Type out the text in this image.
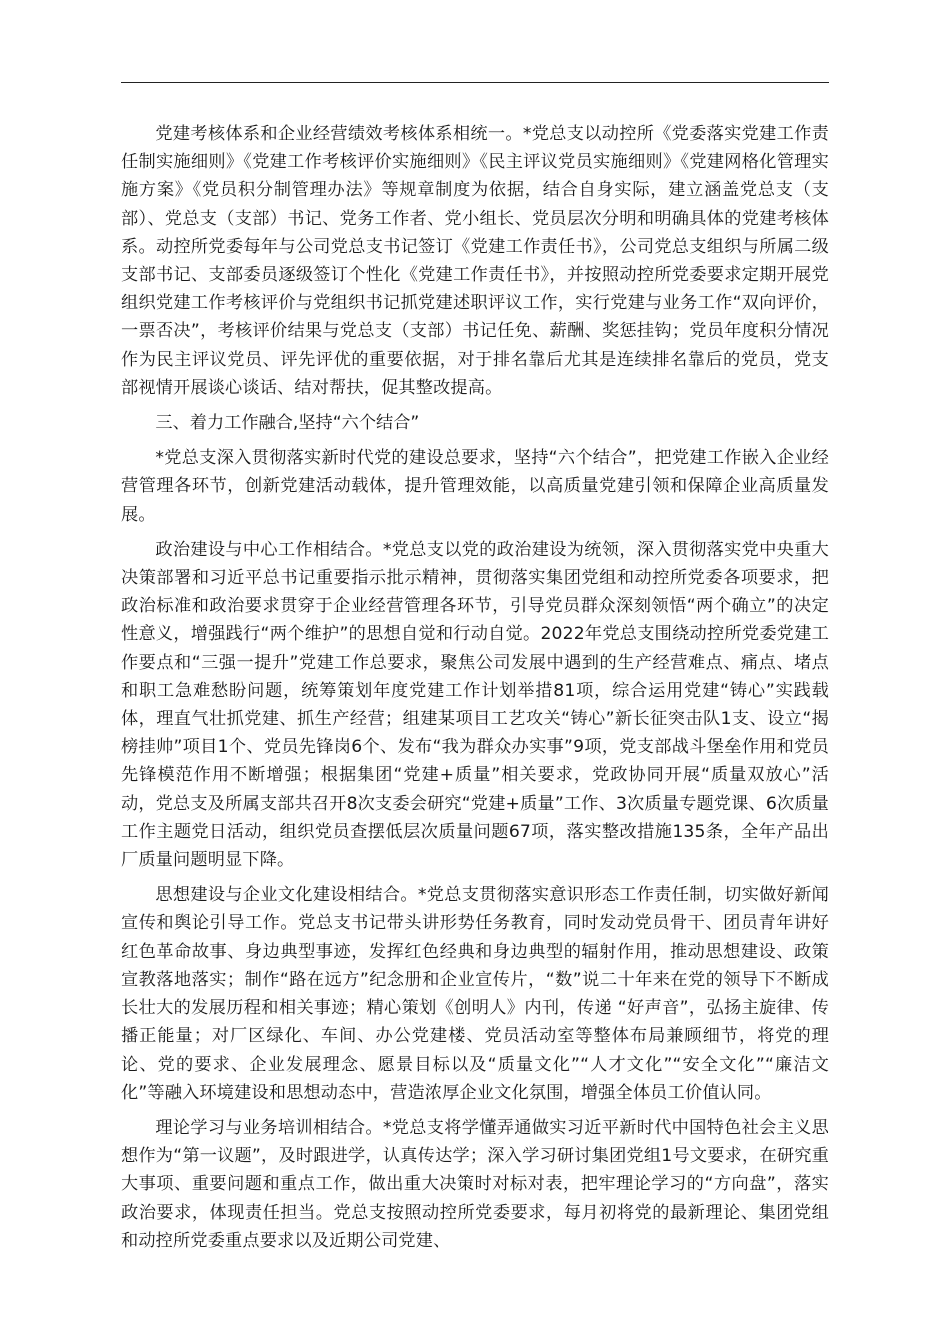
党建考核体系和企业经营绩效考核体系相统一。*党总支以动控所《党委落实党建工作责任制实施细则》《党建工作考核评价实施细则》《民主评议党员实施细则》《党建网格化管理实施方案》《党员积分制管理办法》等规章制度为依据，结合自身实际，建立涵盖党总支（支部）、党总支（支部）书记、党务工作者、党小组长、党员层次分明和明确具体的党建考核体系。动控所党委每年与公司党总支书记签订《党建工作责任书》，公司党总支组织与所属二级支部书记、支部委员逐级签订个性化《党建工作责任书》，并按照动控所党委要求定期开展党组织党建工作考核评价与党组织书记抓党建述职评议工作，实行党建与业务工作“双向评价，一票否决”，考核评价结果与党总支（支部）书记任免、薪酬、奖惩挂钩；党员年度积分情况作为民主评议党员、评先评优的重要依据，对于排名靠后尤其是连续排名靠后的党员，党支部视情开展谈心谈话、结对帮扶，促其整改提高。

三、着力工作融合,坚持“六个结合”

*党总支深入贯彻落实新时代党的建设总要求，坚持“六个结合”，把党建工作嵌入企业经营管理各环节，创新党建活动载体，提升管理效能，以高质量党建引领和保障企业高质量发展。

政治建设与中心工作相结合。*党总支以党的政治建设为统领，深入贯彻落实党中央重大决策部署和习近平总书记重要指示批示精神，贯彻落实集团党组和动控所党委各项要求，把政治标准和政治要求贯穿于企业经营管理各环节，引导党员群众深刻领悟“两个确立”的决定性意义，增强践行“两个维护”的思想自觉和行动自觉。2022年党总支围绕动控所党委党建工作要点和“三强一提升”党建工作总要求，聚焦公司发展中遇到的生产经营难点、痛点、堵点和职工急难愁盼问题，统筹策划年度党建工作计划举措81项，综合运用党建“铸心”实践载体，理直气壮抓党建、抓生产经营；组建某项目工艺攻关“铸心”新长征突击队1支、设立“揭榜挂帅”项目1个、党员先锋岗6个、发布“我为群众办实事”9项，党支部战斗堡垒作用和党员先锋模范作用不断增强；根据集团“党建+质量”相关要求，党政协同开展“质量双放心”活动，党总支及所属支部共召开8次支委会研究“党建+质量”工作、3次质量专题党课、6次质量工作主题党日活动，组织党员查摆低层次质量问题67项，落实整改措施135条，全年产品出厂质量问题明显下降。

思想建设与企业文化建设相结合。*党总支贯彻落实意识形态工作责任制，切实做好新闻宣传和舆论引导工作。党总支书记带头讲形势任务教育，同时发动党员骨干、团员青年讲好红色革命故事、身边典型事迹，发挥红色经典和身边典型的辐射作用，推动思想建设、政策宣教落地落实；制作“路在远方”纪念册和企业宣传片，“数”说二十年来在党的领导下不断成长壮大的发展历程和相关事迹；精心策划《创明人》内刊，传递 “好声音”，弘扬主旋律、传播正能量；对厂区绿化、车间、办公党建楼、党员活动室等整体布局兼顾细节，将党的理论、党的要求、企业发展理念、愿景目标以及“质量文化”“人才文化”“安全文化”“廉洁文化”等融入环境建设和思想动态中，营造浓厚企业文化氛围，增强全体员工价值认同。

理论学习与业务培训相结合。*党总支将学懂弄通做实习近平新时代中国特色社会主义思想作为“第一议题”，及时跟进学，认真传达学；深入学习研讨集团党组1号文要求，在研究重大事项、重要问题和重点工作，做出重大决策时对标对表，把牢理论学习的“方向盘”，落实政治要求，体现责任担当。党总支按照动控所党委要求，每月初将党的最新理论、集团党组和动控所党委重点要求以及近期公司党建、
